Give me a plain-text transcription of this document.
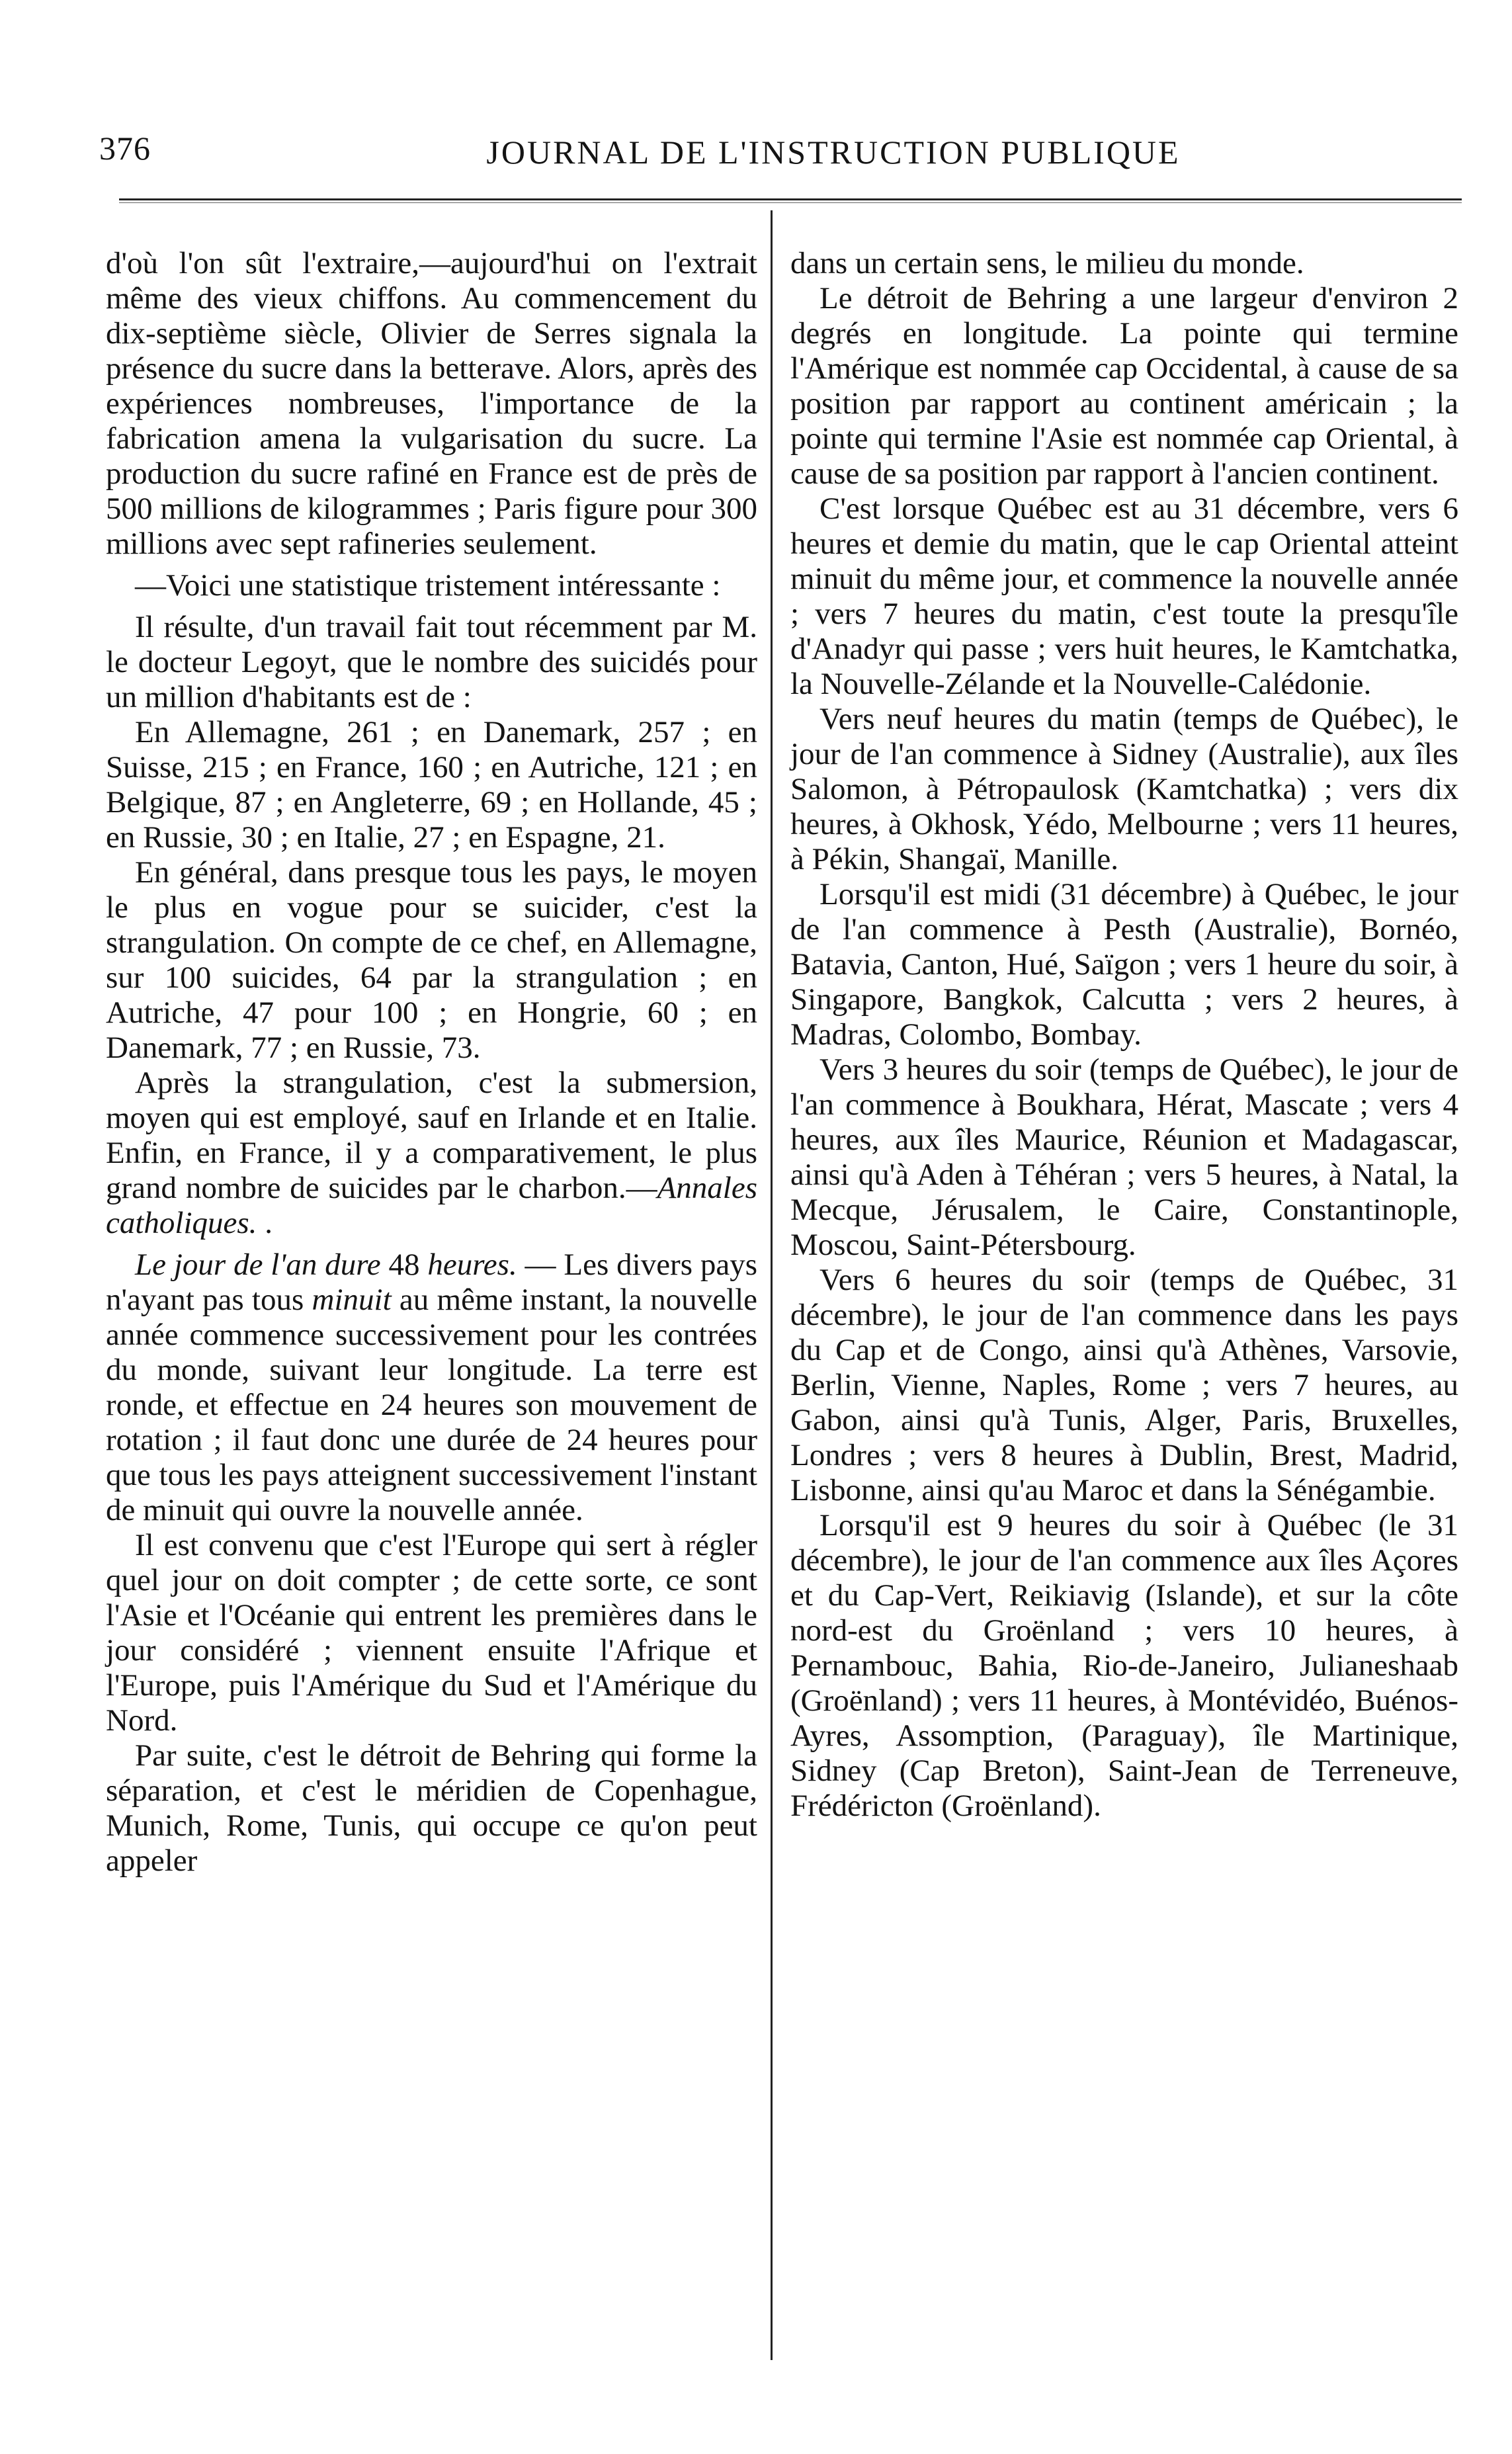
376	JOURNAL DE L'INSTRUCTION PUBLIQUE

d'où l'on sût l'extraire,—aujourd'hui on l'extrait même des vieux chiffons. Au commencement du dix-septième siècle, Olivier de Serres signala la présence du sucre dans la betterave. Alors, après des expériences nombreuses, l'importance de la fabrication amena la vulgarisation du sucre. La production du sucre rafiné en France est de près de 500 millions de kilogrammes ; Paris figure pour 300 millions avec sept rafineries seulement.

—Voici une statistique tristement intéressante :

Il résulte, d'un travail fait tout récemment par M. le docteur Legoyt, que le nombre des suicidés pour un million d'habitants est de :

En Allemagne, 261 ; en Danemark, 257 ; en Suisse, 215 ; en France, 160 ; en Autriche, 121 ; en Belgique, 87 ; en Angleterre, 69 ; en Hollande, 45 ; en Russie, 30 ; en Italie, 27 ; en Espagne, 21.

En général, dans presque tous les pays, le moyen le plus en vogue pour se suicider, c'est la strangulation. On compte de ce chef, en Allemagne, sur 100 suicides, 64 par la strangulation ; en Autriche, 47 pour 100 ; en Hongrie, 60 ; en Danemark, 77 ; en Russie, 73.

Après la strangulation, c'est la submersion, moyen qui est employé, sauf en Irlande et en Italie. Enfin, en France, il y a comparativement, le plus grand nombre de suicides par le charbon.—Annales catholiques. .

Le jour de l'an dure 48 heures. — Les divers pays n'ayant pas tous minuit au même instant, la nouvelle année commence successivement pour les contrées du monde, suivant leur longitude. La terre est ronde, et effectue en 24 heures son mouvement de rotation ; il faut donc une durée de 24 heures pour que tous les pays atteignent successivement l'instant de minuit qui ouvre la nouvelle année.

Il est convenu que c'est l'Europe qui sert à régler quel jour on doit compter ; de cette sorte, ce sont l'Asie et l'Océanie qui entrent les premières dans le jour considéré ; viennent ensuite l'Afrique et l'Europe, puis l'Amérique du Sud et l'Amérique du Nord.

Par suite, c'est le détroit de Behring qui forme la séparation, et c'est le méridien de Copenhague, Munich, Rome, Tunis, qui occupe ce qu'on peut appeler

dans un certain sens, le milieu du monde.

Le détroit de Behring a une largeur d'environ 2 degrés en longitude. La pointe qui termine l'Amérique est nommée cap Occidental, à cause de sa position par rapport au continent américain ; la pointe qui termine l'Asie est nommée cap Oriental, à cause de sa position par rapport à l'ancien continent.

C'est lorsque Québec est au 31 décembre, vers 6 heures et demie du matin, que le cap Oriental atteint minuit du même jour, et commence la nouvelle année ; vers 7 heures du matin, c'est toute la presqu'île d'Anadyr qui passe ; vers huit heures, le Kamtchatka, la Nouvelle-Zélande et la Nouvelle-Calédonie.

Vers neuf heures du matin (temps de Québec), le jour de l'an commence à Sidney (Australie), aux îles Salomon, à Pétropaulosk (Kamtchatka) ; vers dix heures, à Okhosk, Yédo, Melbourne ; vers 11 heures, à Pékin, Shangaï, Manille.

Lorsqu'il est midi (31 décembre) à Québec, le jour de l'an commence à Pesth (Australie), Bornéo, Batavia, Canton, Hué, Saïgon ; vers 1 heure du soir, à Singapore, Bangkok, Calcutta ; vers 2 heures, à Madras, Colombo, Bombay.

Vers 3 heures du soir (temps de Québec), le jour de l'an commence à Boukhara, Hérat, Mascate ; vers 4 heures, aux îles Maurice, Réunion et Madagascar, ainsi qu'à Aden à Téhéran ; vers 5 heures, à Natal, la Mecque, Jérusalem, le Caire, Constantinople, Moscou, Saint-Pétersbourg.

Vers 6 heures du soir (temps de Québec, 31 décembre), le jour de l'an commence dans les pays du Cap et de Congo, ainsi qu'à Athènes, Varsovie, Berlin, Vienne, Naples, Rome ; vers 7 heures, au Gabon, ainsi qu'à Tunis, Alger, Paris, Bruxelles, Londres ; vers 8 heures à Dublin, Brest, Madrid, Lisbonne, ainsi qu'au Maroc et dans la Sénégambie.

Lorsqu'il est 9 heures du soir à Québec (le 31 décembre), le jour de l'an commence aux îles Açores et du Cap-Vert, Reikiavig (Islande), et sur la côte nord-est du Groënland ; vers 10 heures, à Pernambouc, Bahia, Rio-de-Janeiro, Julianeshaab (Groënland) ; vers 11 heures, à Montévidéo, Buénos-Ayres, Assomption, (Paraguay), île Martinique, Sidney (Cap Breton), Saint-Jean de Terreneuve, Frédéricton (Groënland).
